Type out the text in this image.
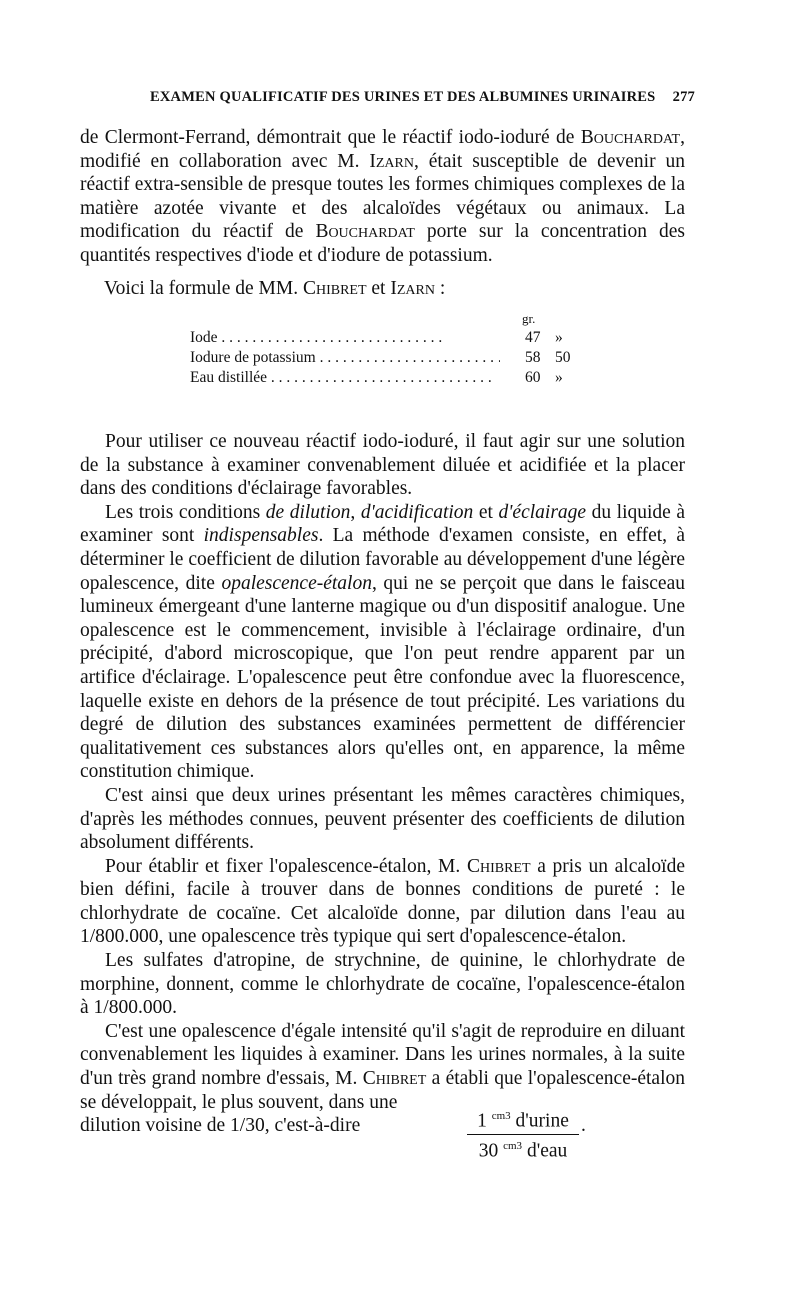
EXAMEN QUALIFICATIF DES URINES ET DES ALBUMINES URINAIRES 277

de Clermont-Ferrand, démontrait que le réactif iodo-ioduré de Bouchardat, modifié en collaboration avec M. Izarn, était susceptible de devenir un réactif extra-sensible de presque toutes les formes chimiques complexes de la matière azotée vivante et des alcaloïdes végétaux ou animaux. La modification du réactif de Bouchardat porte sur la concentration des quantités respectives d'iode et d'iodure de potassium.

Voici la formule de MM. Chibret et Izarn :
gr.
Iode . . .	47 »
Iodure de potassium . . .	58 50
Eau distillée . . .	60 »

Pour utiliser ce nouveau réactif iodo-ioduré, il faut agir sur une solution de la substance à examiner convenablement diluée et acidifiée et la placer dans des conditions d'éclairage favorables.

Les trois conditions de dilution, d'acidification et d'éclairage du liquide à examiner sont indispensables. La méthode d'examen consiste, en effet, à déterminer le coefficient de dilution favorable au développement d'une légère opalescence, dite opalescence-étalon, qui ne se perçoit que dans le faisceau lumineux émergeant d'une lanterne magique ou d'un dispositif analogue. Une opalescence est le commencement, invisible à l'éclairage ordinaire, d'un précipité, d'abord microscopique, que l'on peut rendre apparent par un artifice d'éclairage. L'opalescence peut être confondue avec la fluorescence, laquelle existe en dehors de la présence de tout précipité. Les variations du degré de dilution des substances examinées permettent de différencier qualitativement ces substances alors qu'elles ont, en apparence, la même constitution chimique.

C'est ainsi que deux urines présentant les mêmes caractères chimiques, d'après les méthodes connues, peuvent présenter des coefficients de dilution absolument différents.

Pour établir et fixer l'opalescence-étalon, M. Chibret a pris un alcaloïde bien défini, facile à trouver dans de bonnes conditions de pureté : le chlorhydrate de cocaïne. Cet alcaloïde donne, par dilution dans l'eau au 1/800.000, une opalescence très typique qui sert d'opalescence-étalon.

Les sulfates d'atropine, de strychnine, de quinine, le chlorhydrate de morphine, donnent, comme le chlorhydrate de cocaïne, l'opalescence-étalon à 1/800.000.

C'est une opalescence d'égale intensité qu'il s'agit de reproduire en diluant convenablement les liquides à examiner. Dans les urines normales, à la suite d'un très grand nombre d'essais, M. Chibret a établi que l'opalescence-étalon se développait, le plus souvent, dans une

dilution voisine de 1/30, c'est-à-dire	1 $^{cm3}$ d'urine
30 $^{cm3}$ d'eau
.
